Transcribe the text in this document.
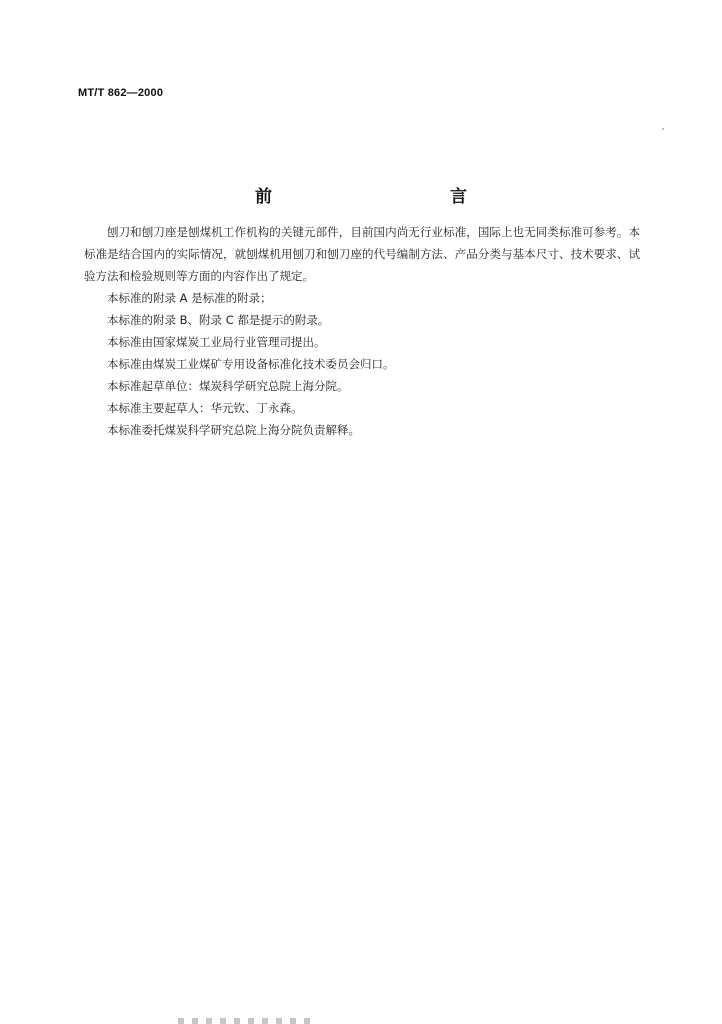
MT/T 862—2000
前　　言

刨刀和刨刀座是刨煤机工作机构的关键元部件，目前国内尚无行业标准，国际上也无同类标准可参考。本标准是结合国内的实际情况，就刨煤机用刨刀和刨刀座的代号编制方法、产品分类与基本尺寸、技术要求、试验方法和检验规则等方面的内容作出了规定。

本标准的附录 A 是标准的附录；

本标准的附录 B、附录 C 都是提示的附录。

本标准由国家煤炭工业局行业管理司提出。

本标准由煤炭工业煤矿专用设备标准化技术委员会归口。

本标准起草单位：煤炭科学研究总院上海分院。

本标准主要起草人：华元钦、丁永森。

本标准委托煤炭科学研究总院上海分院负责解释。
